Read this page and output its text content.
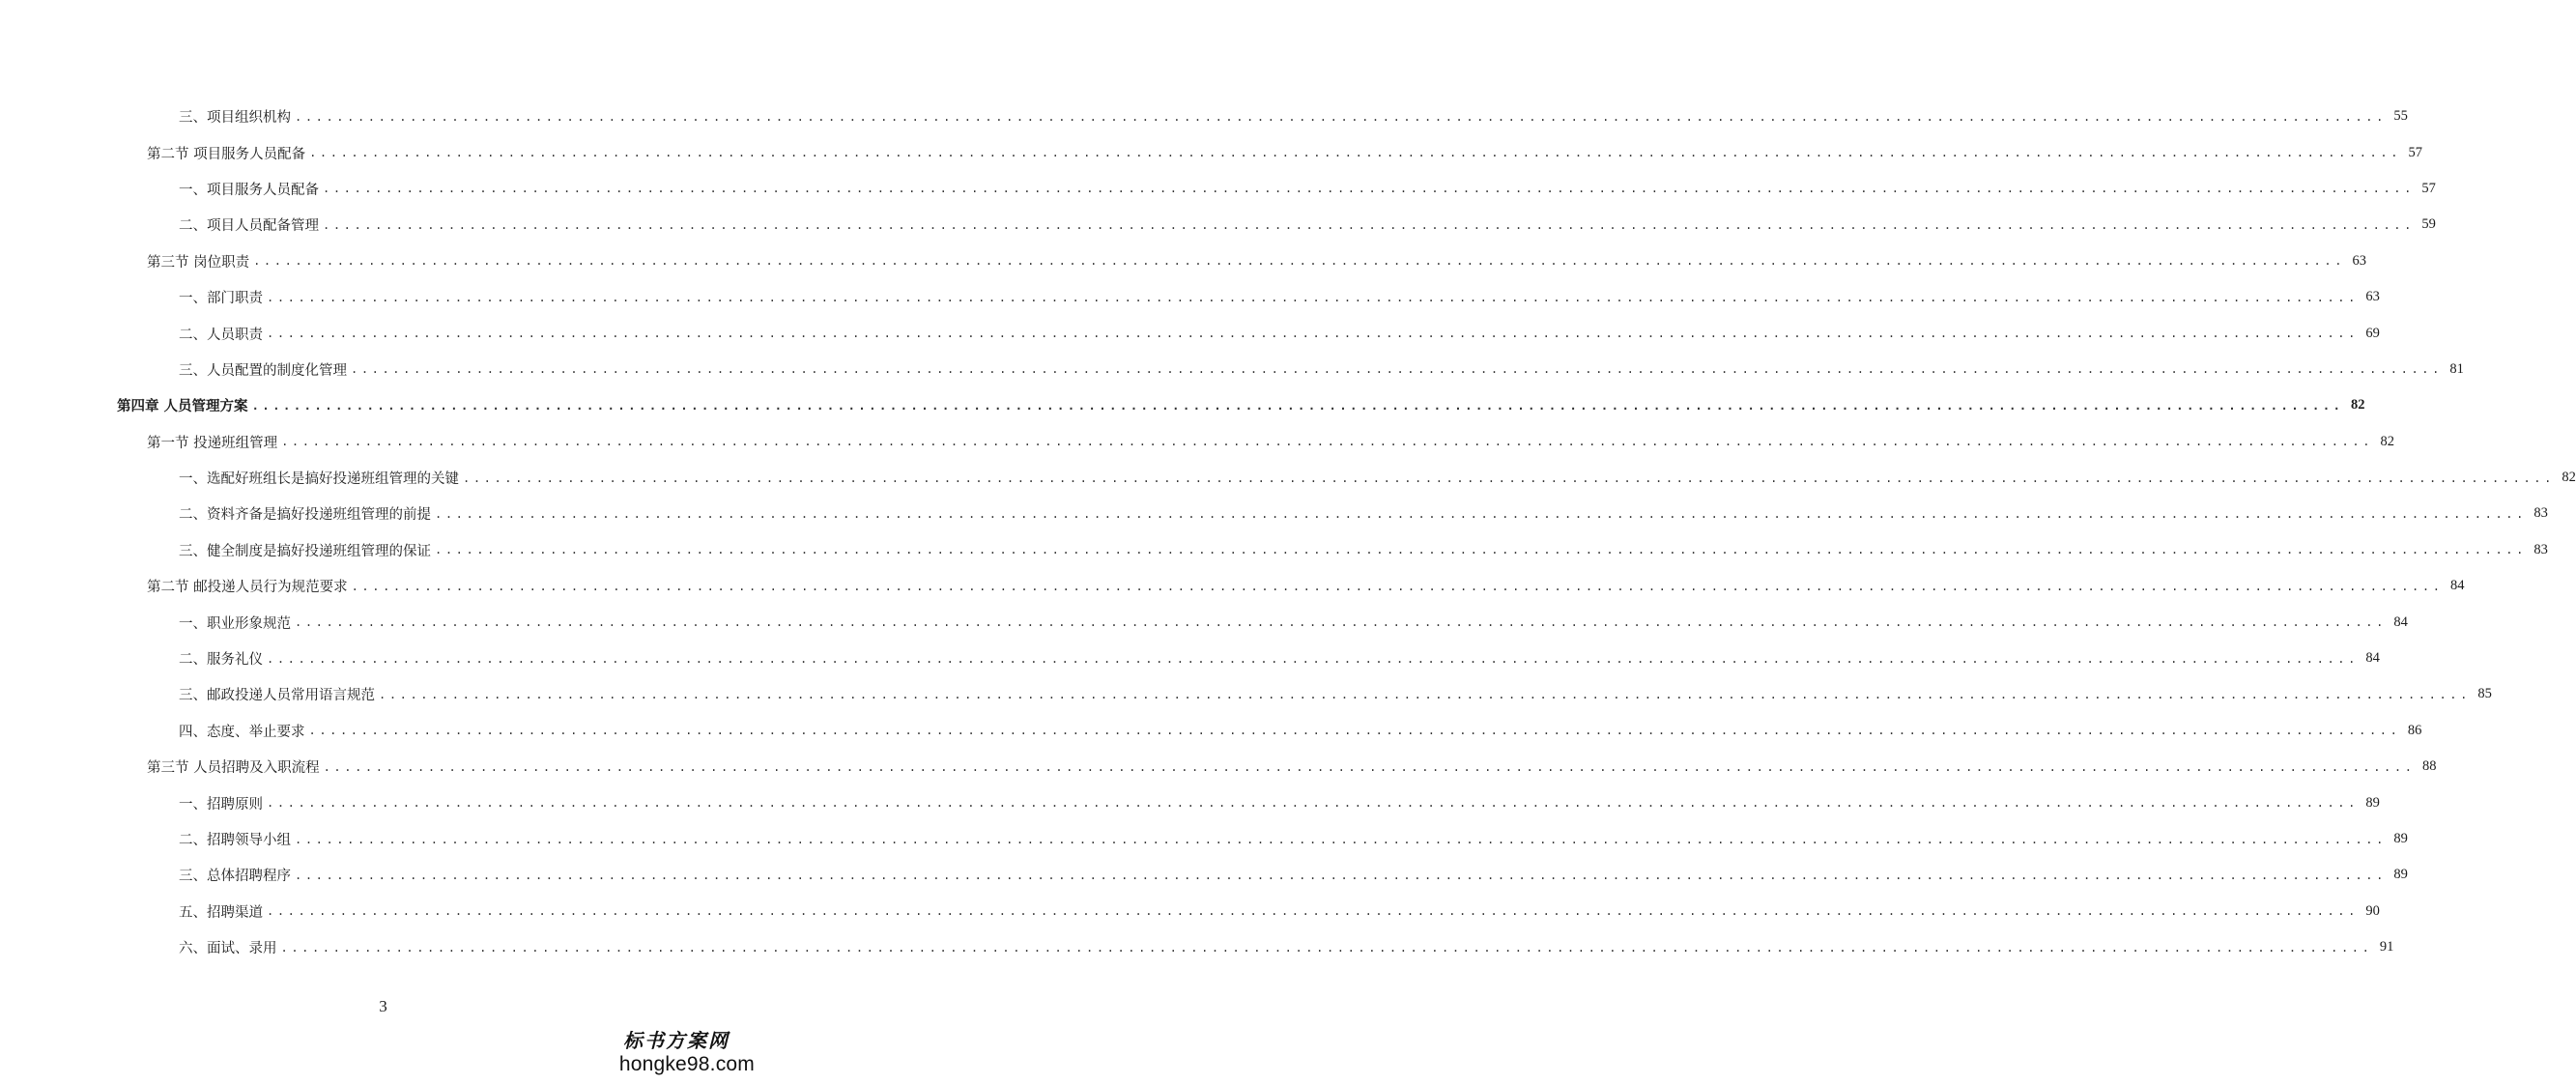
三、项目组织机构 ........................................................................................................................................................................................................ 55
第二节 项目服务人员配备 ........................................................................................................................................................................................................ 57
一、项目服务人员配备 ........................................................................................................................................................................................................ 57
二、项目人员配备管理 ........................................................................................................................................................................................................ 59
第三节 岗位职责 ........................................................................................................................................................................................................ 63
一、部门职责 ........................................................................................................................................................................................................ 63
二、人员职责 ........................................................................................................................................................................................................ 69
三、人员配置的制度化管理 ........................................................................................................................................................................................................ 81
第四章 人员管理方案 ........................................................................................................................................................................................................ 82
第一节 投递班组管理 ........................................................................................................................................................................................................ 82
一、选配好班组长是搞好投递班组管理的关键 ........................................................................................................................................................................................................ 82
二、资料齐备是搞好投递班组管理的前提 ........................................................................................................................................................................................................ 83
三、健全制度是搞好投递班组管理的保证 ........................................................................................................................................................................................................ 83
第二节 邮投递人员行为规范要求 ........................................................................................................................................................................................................ 84
一、职业形象规范 ........................................................................................................................................................................................................ 84
二、服务礼仪 ........................................................................................................................................................................................................ 84
三、邮政投递人员常用语言规范 ........................................................................................................................................................................................................ 85
四、态度、举止要求 ........................................................................................................................................................................................................ 86
第三节 人员招聘及入职流程 ........................................................................................................................................................................................................ 88
一、招聘原则 ........................................................................................................................................................................................................ 89
二、招聘领导小组 ........................................................................................................................................................................................................ 89
三、总体招聘程序 ........................................................................................................................................................................................................ 89
五、招聘渠道 ........................................................................................................................................................................................................ 90
六、面试、录用 ........................................................................................................................................................................................................ 91
3
标书方案网
hongke98.com
